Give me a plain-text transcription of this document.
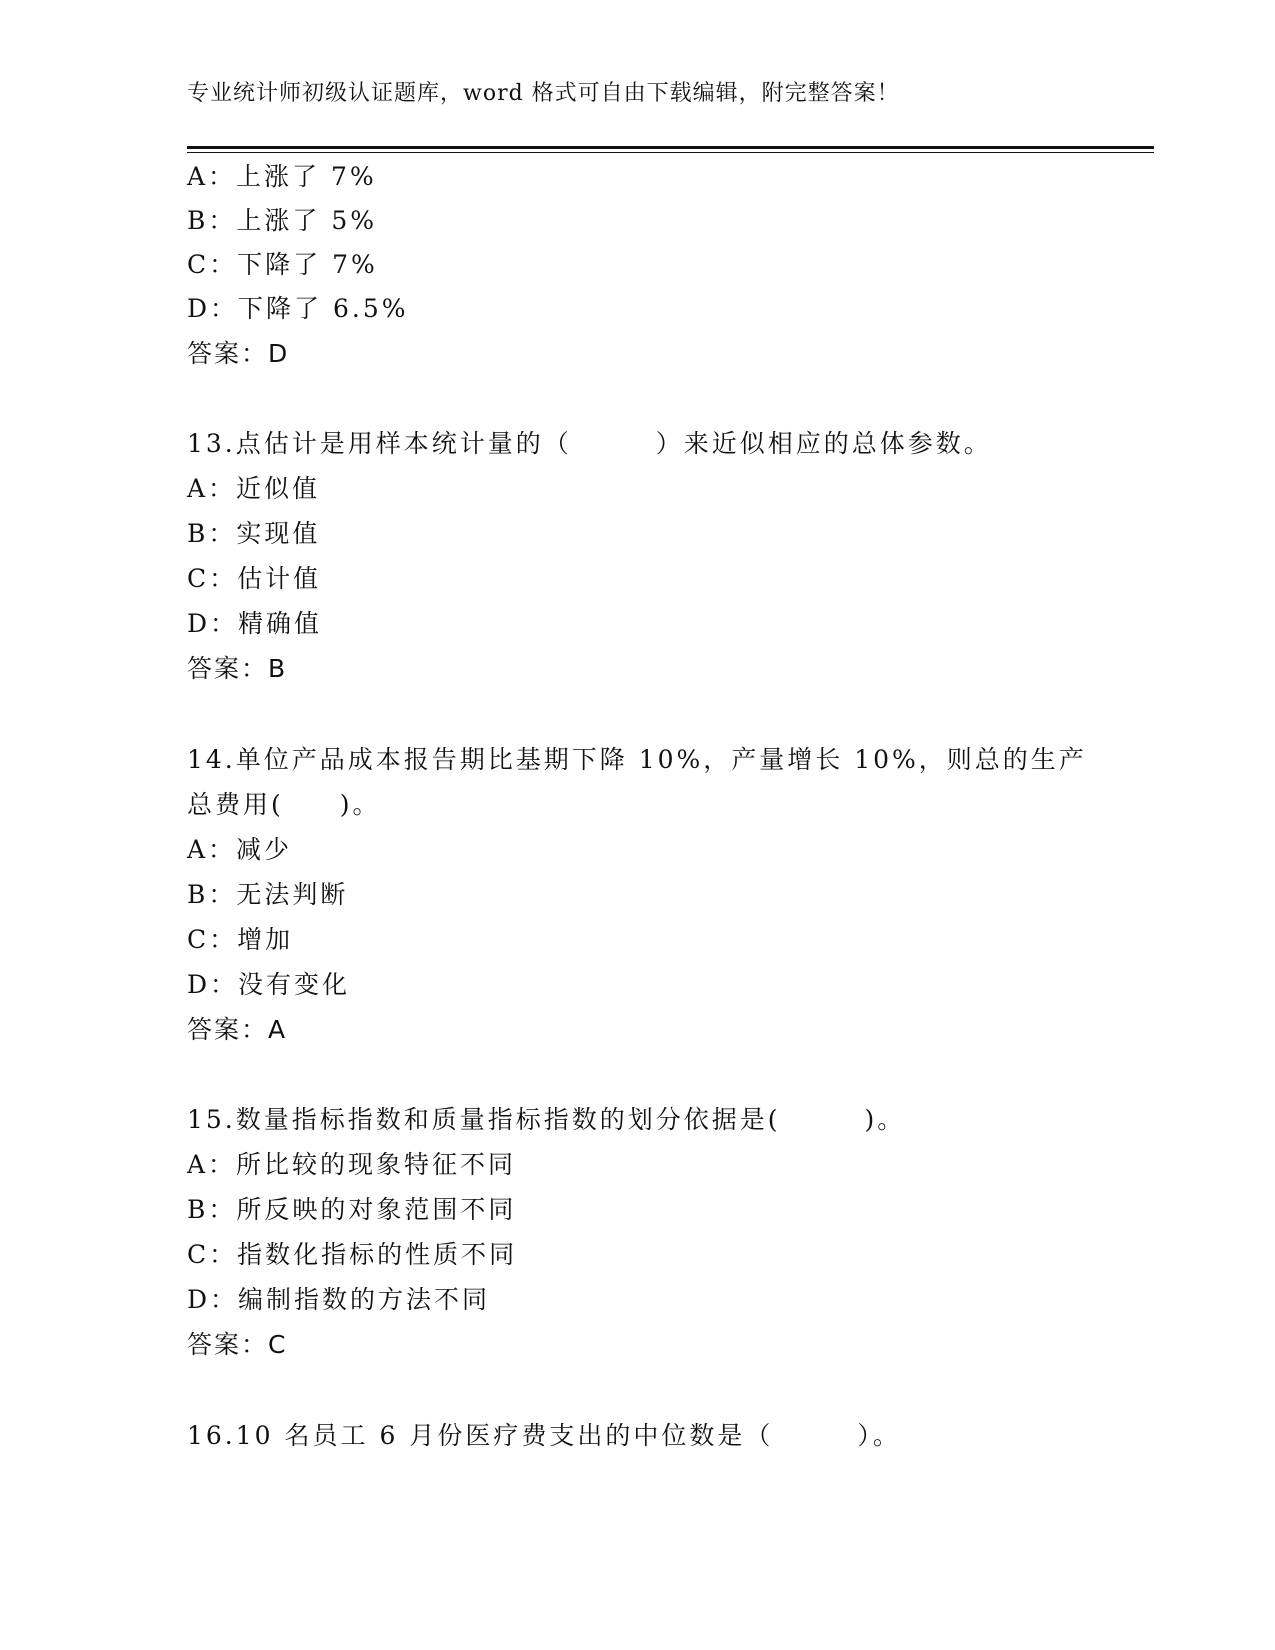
专业统计师初级认证题库，word 格式可自由下载编辑，附完整答案！
A：上涨了 7%
B：上涨了 5%
C：下降了 7%
D：下降了 6.5%
答案：D
13.点估计是用样本统计量的（　　　）来近似相应的总体参数。
A：近似值
B：实现值
C：估计值
D：精确值
答案：B
14.单位产品成本报告期比基期下降 10%，产量增长 10%，则总的生产
总费用(　　)。
A：减少
B：无法判断
C：增加
D：没有变化
答案：A
15.数量指标指数和质量指标指数的划分依据是(　　　)。
A：所比较的现象特征不同
B：所反映的对象范围不同
C：指数化指标的性质不同
D：编制指数的方法不同
答案：C
16.10 名员工 6 月份医疗费支出的中位数是（　　　）。
